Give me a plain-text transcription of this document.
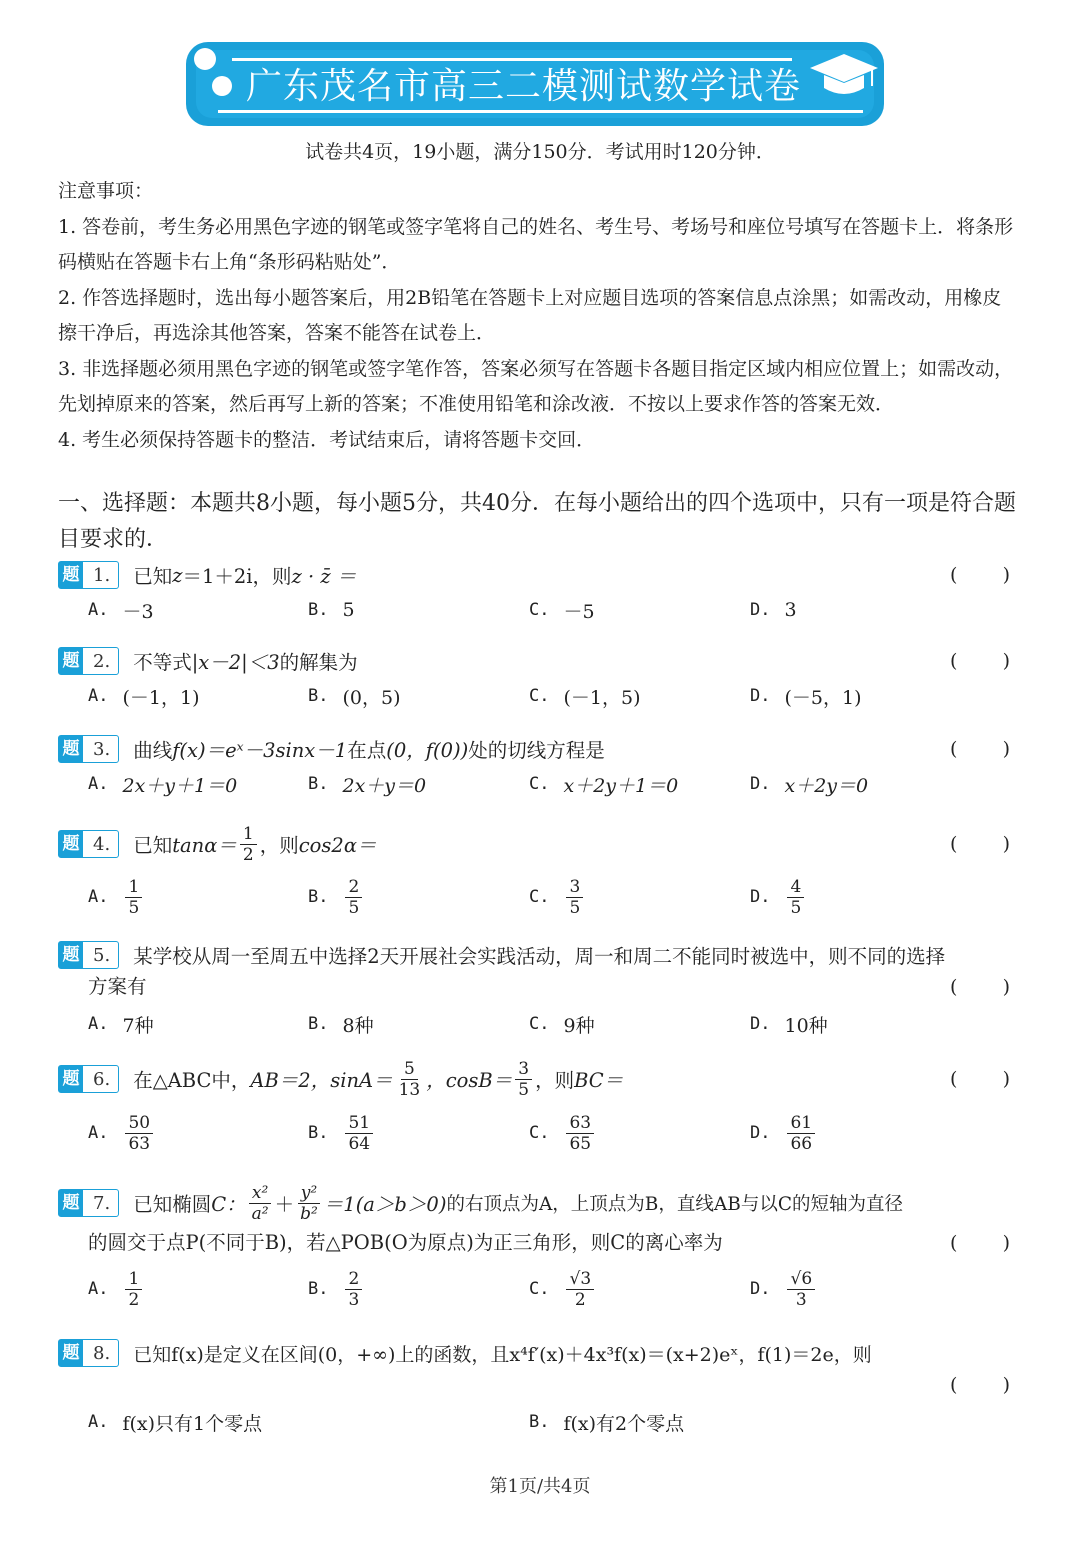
广东茂名市高三二模测试数学试卷
试卷共4页，19小题，满分150分．考试用时120分钟．

注意事项：

1. 答卷前，考生务必用黑色字迹的钢笔或签字笔将自己的姓名、考生号、考场号和座位号填写在答题卡上．将条形码横贴在答题卡右上角“条形码粘贴处”．

2. 作答选择题时，选出每小题答案后，用2B铅笔在答题卡上对应题目选项的答案信息点涂黑；如需改动，用橡皮擦干净后，再选涂其他答案，答案不能答在试卷上．

3. 非选择题必须用黑色字迹的钢笔或签字笔作答，答案必须写在答题卡各题目指定区域内相应位置上；如需改动，先划掉原来的答案，然后再写上新的答案；不准使用铅笔和涂改液．不按以上要求作答的答案无效．

4. 考生必须保持答题卡的整洁．考试结束后，请将答题卡交回．

一、选择题：本题共8小题，每小题5分，共40分．在每小题给出的四个选项中，只有一项是符合题目要求的．
题 1.	已知 z ＝1＋2i，则 z · z̄ ＝	( )
A. －3	B. 5	C. －5	D. 3
题 2.	不等式 |x－2|＜3 的解集为	( )
A. (－1，1)	B. (0，5)	C. (－1，5)	D. (－5，1)
题 3.	曲线 f(x)＝eˣ－3sinx－1 在点 (0，f(0)) 处的切线方程是	( )
A. 2x＋y＋1＝0	B. 2x＋y＝0	C. x＋2y＋1＝0	D. x＋2y＝0
题 4.	已知 $\tan\alpha= \frac{1}{2}$ ，则 cos2α＝	( )
A. $\frac{1}{5}$	B. $\frac{2}{5}$	C. $\frac{3}{5}$	D. $\frac{4}{5}$
题 5.	某学校从周一至周五中选择2天开展社会实践活动，周一和周二不能同时被选中，则不同的选择
方案有	( )
A. 7种	B. 8种	C. 9种	D. 10种
题 6.	在△ABC中， AB＝2， $\sin A= \frac{5}{13}$ ，$\cos B= \frac{3}{5}$ ，则 BC＝	( )
A. $\frac{50}{63}$	B. $\frac{51}{64}$	C. $\frac{63}{65}$	D. $\frac{61}{66}$
题 7.	已知椭圆 C： $\frac{\text{x²}}{\text{a²}} + \frac{\text{y²}}{\text{b²}} =1(a>b>0)$ 的右顶点为A，上顶点为B，直线AB与以C的短轴为直径
的圆交于点P(不同于B)，若△POB(O为原点)为正三角形，则C的离心率为	( )
A. $\frac{1}{2}$	B. $\frac{2}{3}$	C. $\frac{√3}{2}$	D. $\frac{√6}{3}$
题 8.	已知f(x)是定义在区间(0，+∞)上的函数，且x⁴f′(x)＋4x³f(x)＝(x+2)eˣ，f(1)＝2e，则
( )
A. f(x)只有1个零点	B. f(x)有2个零点
第1页/共4页
